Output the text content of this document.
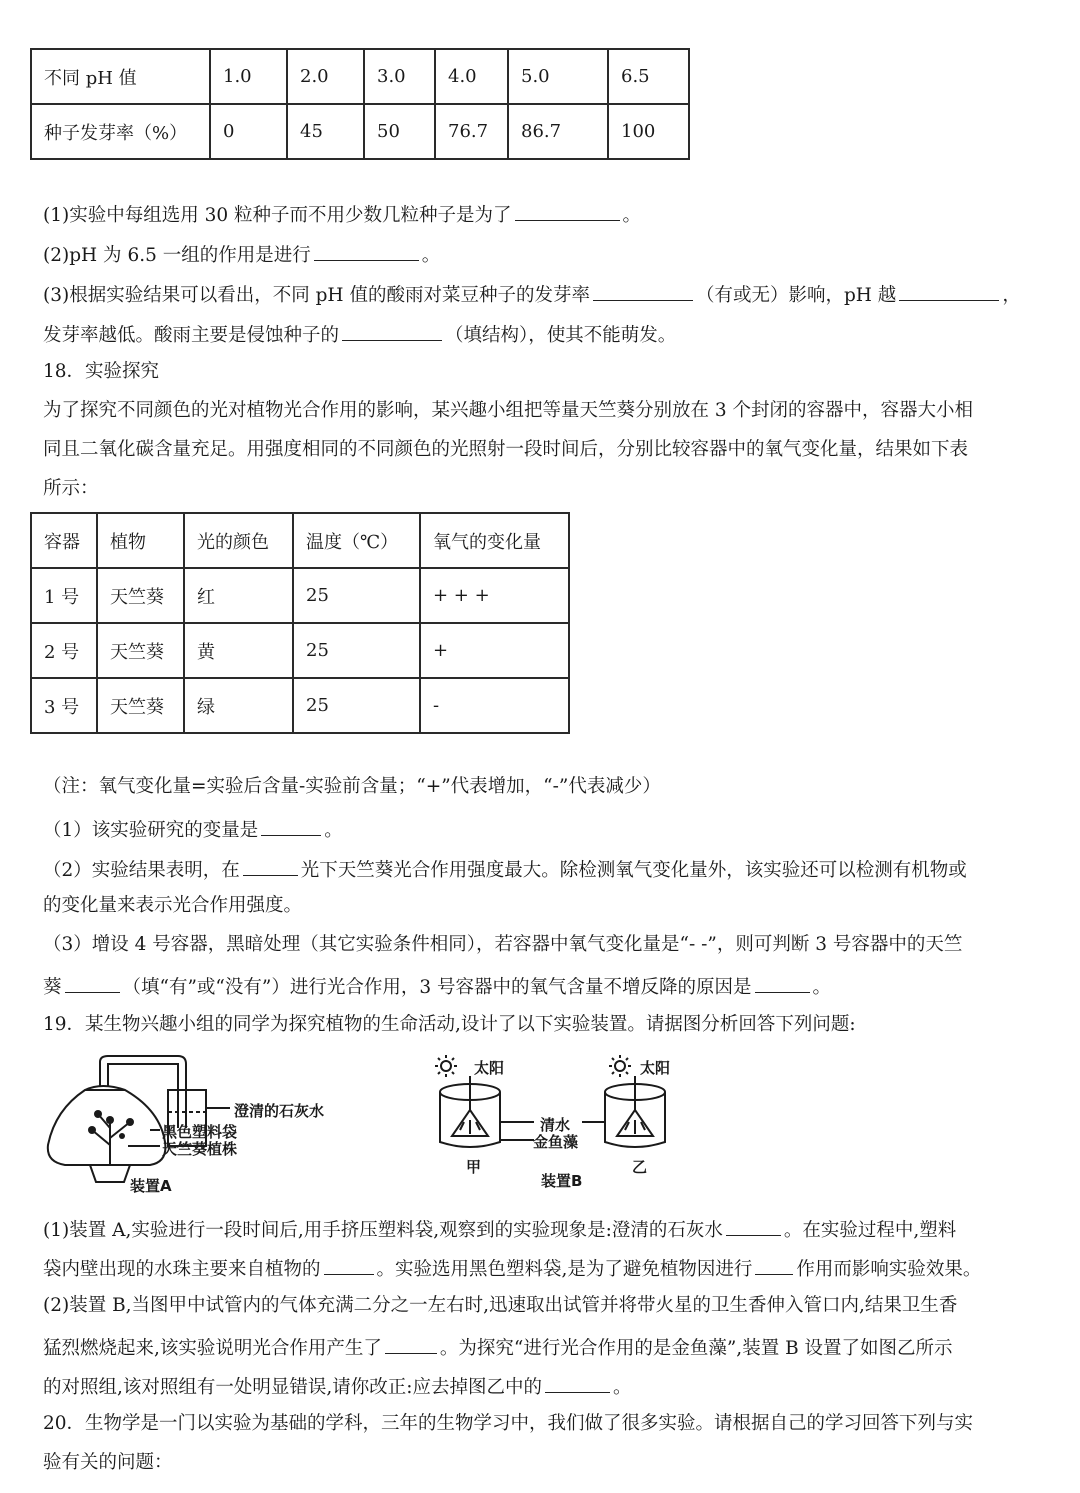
不同 pH 值	1.0	2.0	3.0	4.0	5.0	6.5
种子发芽率（%）	0	45	50	76.7	86.7	100
(1)实验中每组选用 30 粒种子而不用少数几粒种子是为了	。
(2)pH 为 6.5 一组的作用是进行	。
(3)根据实验结果可以看出，不同 pH 值的酸雨对菜豆种子的发芽率	（有或无）影响，pH 越	，
发芽率越低。酸雨主要是侵蚀种子的	（填结构），使其不能萌发。
18．实验探究
为了探究不同颜色的光对植物光合作用的影响，某兴趣小组把等量天竺葵分别放在 3 个封闭的容器中，容器大小相
同且二氧化碳含量充足。用强度相同的不同颜色的光照射一段时间后，分别比较容器中的氧气变化量，结果如下表
所示：
容器	植物	光的颜色	温度（℃）	氧气的变化量
1 号	天竺葵	红	25	+ + +
2 号	天竺葵	黄	25	+
3 号	天竺葵	绿	25	-
（注：氧气变化量=实验后含量-实验前含量；“+”代表增加，“-”代表减少）
（1）该实验研究的变量是	。
（2）实验结果表明，在	光下天竺葵光合作用强度最大。除检测氧气变化量外，该实验还可以检测有机物或
的变化量来表示光合作用强度。
（3）增设 4 号容器，黑暗处理（其它实验条件相同），若容器中氧气变化量是“- -”，则可判断 3 号容器中的天竺
葵	（填“有”或“没有”）进行光合作用，3 号容器中的氧气含量不增反降的原因是	。
19．某生物兴趣小组的同学为探究植物的生命活动,设计了以下实验装置。请据图分析回答下列问题:
澄清的石灰水
黑色塑料袋
天竺葵植株
装置A
太阳	太阳
清水
金鱼藻
甲	乙
装置B
(1)装置 A,实验进行一段时间后,用手挤压塑料袋,观察到的实验现象是:澄清的石灰水	。在实验过程中,塑料
袋内壁出现的水珠主要来自植物的	。实验选用黑色塑料袋,是为了避免植物因进行 作用而影响实验效果。
(2)装置 B,当图甲中试管内的气体充满二分之一左右时,迅速取出试管并将带火星的卫生香伸入管口内,结果卫生香
猛烈燃烧起来,该实验说明光合作用产生了	。为探究“进行光合作用的是金鱼藻”,装置 B 设置了如图乙所示
的对照组,该对照组有一处明显错误,请你改正:应去掉图乙中的	。
20．生物学是一门以实验为基础的学科，三年的生物学习中，我们做了很多实验。请根据自己的学习回答下列与实
验有关的问题：
